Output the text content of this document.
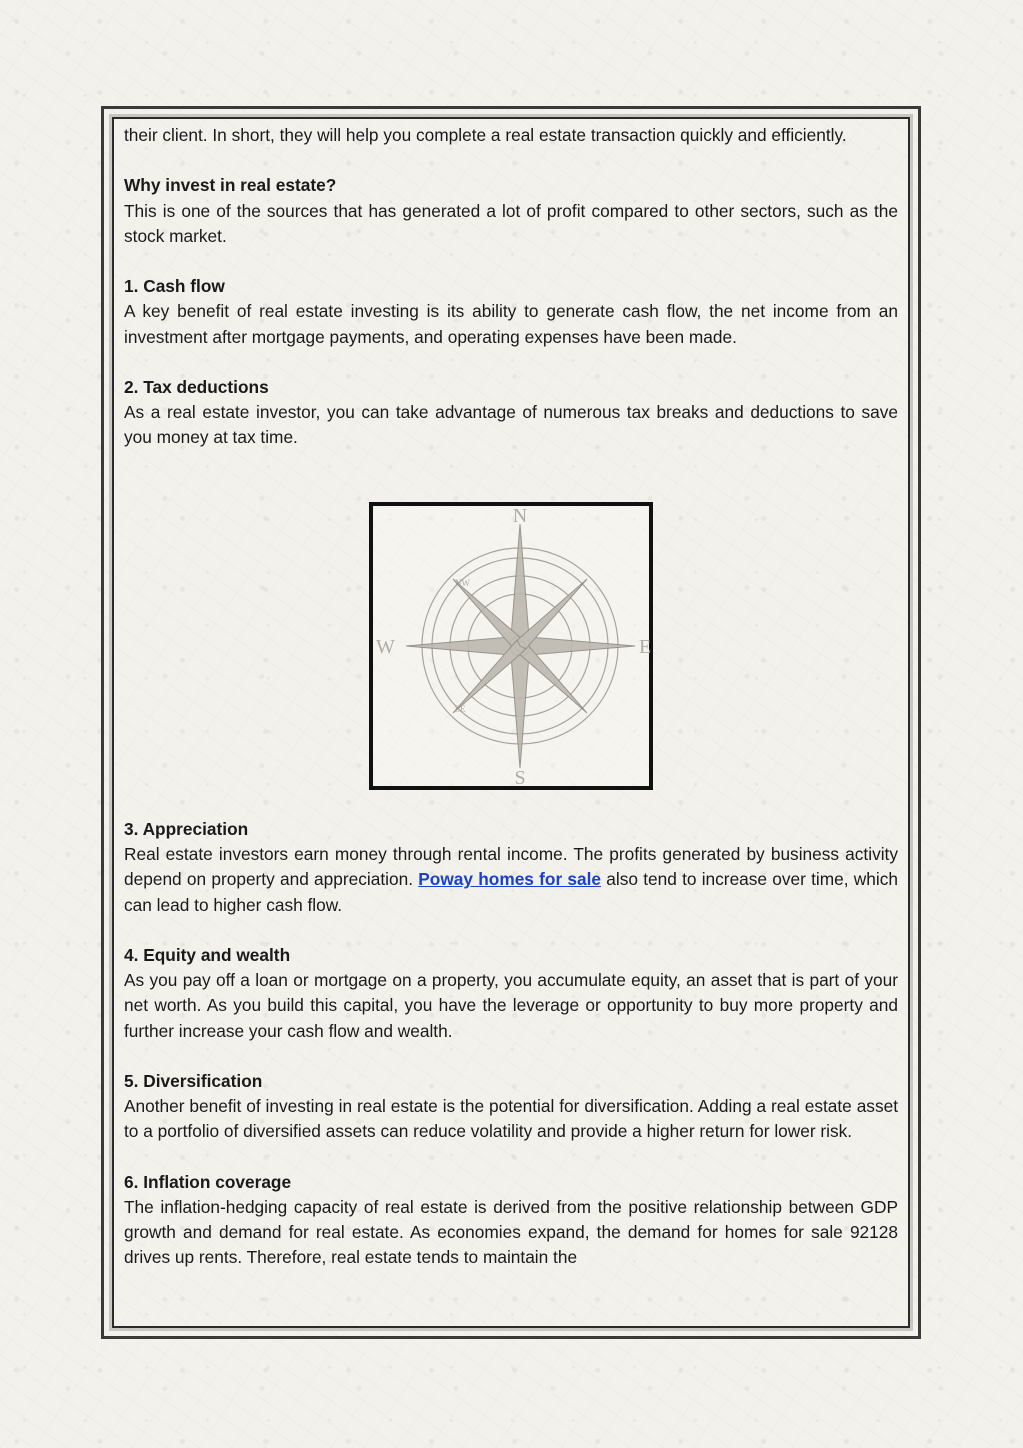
their client. In short, they will help you complete a real estate transaction quickly and efficiently.

Why invest in real estate?

This is one of the sources that has generated a lot of profit compared to other sectors, such as the stock market.

1. Cash flow

A key benefit of real estate investing is its ability to generate cash flow, the net income from an investment after mortgage payments, and operating expenses have been made.

2. Tax deductions

As a real estate investor, you can take advantage of numerous tax breaks and deductions to save you money at tax time.

N
S
W	E
NW
SE

3. Appreciation

Real estate investors earn money through rental income. The profits generated by business activity depend on property and appreciation. Poway homes for sale also tend to increase over time, which can lead to higher cash flow.

4. Equity and wealth

As you pay off a loan or mortgage on a property, you accumulate equity, an asset that is part of your net worth. As you build this capital, you have the leverage or opportunity to buy more property and further increase your cash flow and wealth.

5. Diversification

Another benefit of investing in real estate is the potential for diversification. Adding a real estate asset to a portfolio of diversified assets can reduce volatility and provide a higher return for lower risk.

6. Inflation coverage

The inflation-hedging capacity of real estate is derived from the positive relationship between GDP growth and demand for real estate. As economies expand, the demand for homes for sale 92128 drives up rents. Therefore, real estate tends to maintain the
